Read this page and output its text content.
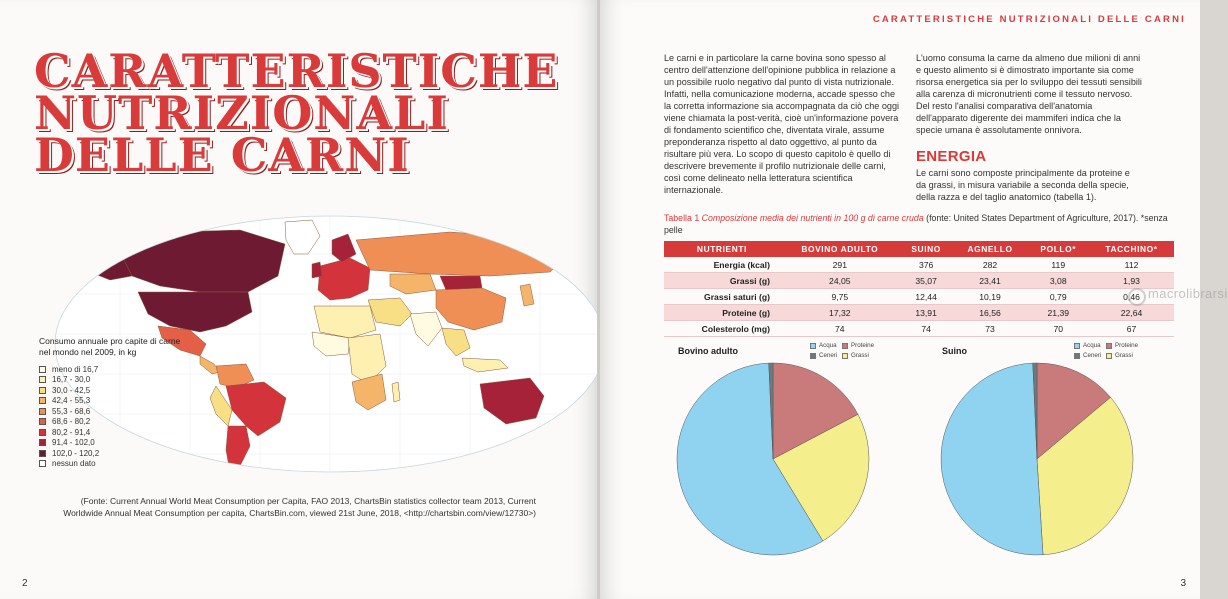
CARATTERISTICHE
NUTRIZIONALI
DELLE CARNI
Consumo annuale pro capite di carne nel mondo nel 2009, in kg
meno di 16,7
16,7 - 30,0
30,0 - 42,5
42,4 - 55,3
55,3 - 68,6
68,6 - 80,2
80,2 - 91,4
91,4 - 102,0
102,0 - 120,2
nessun dato
(Fonte: Current Annual World Meat Consumption per Capita, FAO 2013, ChartsBin statistics collector team 2013, Current Worldwide Annual Meat Consumption per capita, ChartsBin.com, viewed 21st June, 2018, <http://chartsbin.com/view/12730>)
2
CARATTERISTICHE NUTRIZIONALI DELLE CARNI

Le carni e in particolare la carne bovina sono spesso al centro dell'attenzione dell'opinione pubblica in relazione a un possibile ruolo negativo dal punto di vista nutrizionale. Infatti, nella comunicazione moderna, accade spesso che la corretta informazione sia accompagnata da ciò che oggi viene chiamata la post-verità, cioè un'informazione povera di fondamento scientifico che, diventata virale, assume preponderanza rispetto al dato oggettivo, al punto da risultare più vera. Lo scopo di questo capitolo è quello di descrivere brevemente il profilo nutrizionale delle carni, così come delineato nella letteratura scientifica internazionale.

L'uomo consuma la carne da almeno due milioni di anni e questo alimento si è dimostrato importante sia come risorsa energetica sia per lo sviluppo dei tessuti sensibili alla carenza di micronutrienti come il tessuto nervoso. Del resto l'analisi comparativa dell'anatomia dell'apparato digerente dei mammiferi indica che la specie umana è assolutamente onnivora.

ENERGIA

Le carni sono composte principalmente da proteine e da grassi, in misura variabile a seconda della specie, della razza e del taglio anatomico (tabella 1).

Tabella 1 Composizione media dei nutrienti in 100 g di carne cruda (fonte: United States Department of Agriculture, 2017). *senza pelle

NUTRIENTI	BOVINO ADULTO	SUINO	AGNELLO	POLLO*	TACCHINO*
Energia (kcal)	291	376	282	119	112
Grassi (g)	24,05	35,07	23,41	3,08	1,93
Grassi saturi (g)	9,75	12,44	10,19	0,79	0,46
Proteine (g)	17,32	13,91	16,56	21,39	22,64
Colesterolo (mg)	74	74	73	70	67
Bovino adulto
Acqua Proteine
Ceneri Grassi	Suino
Acqua Proteine
Ceneri Grassi
macrolibrarsi
3
